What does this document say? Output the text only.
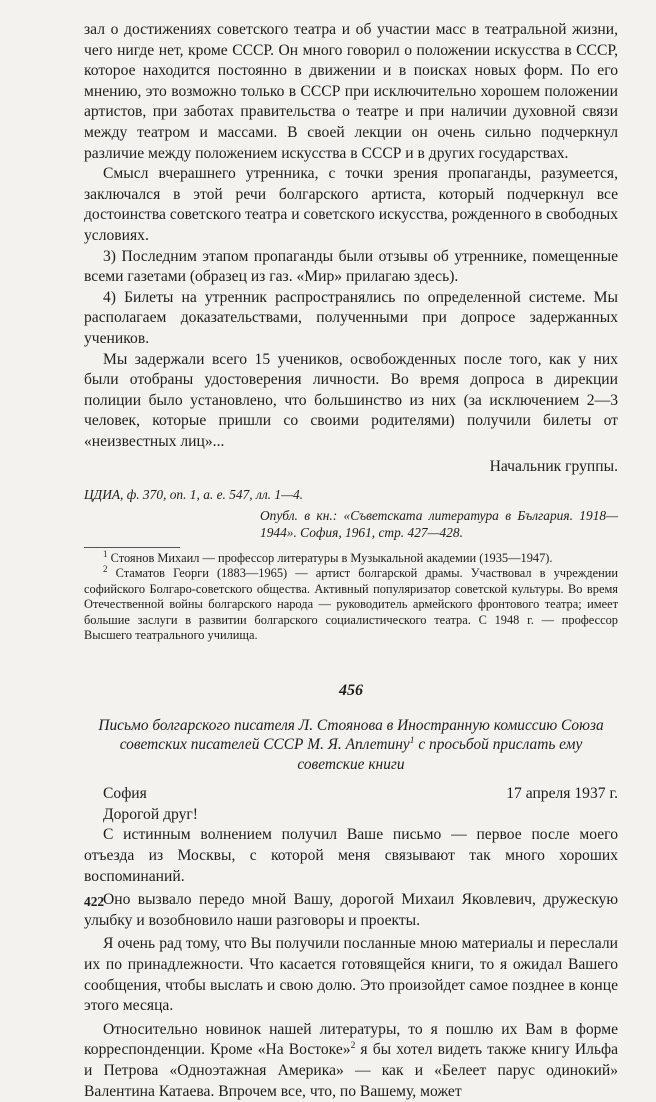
зал о достижениях советского театра и об участии масс в театральной жизни, чего нигде нет, кроме СССР. Он много говорил о положении искусства в СССР, которое находится постоянно в движении и в поисках новых форм. По его мнению, это возможно только в СССР при исключительно хорошем положении артистов, при заботах правительства о театре и при наличии духовной связи между театром и массами. В своей лекции он очень сильно подчеркнул различие между положением искусства в СССР и в других государствах.

Смысл вчерашнего утренника, с точки зрения пропаганды, разумеется, заключался в этой речи болгарского артиста, который подчеркнул все достоинства советского театра и советского искусства, рожденного в свободных условиях.

3) Последним этапом пропаганды были отзывы об утреннике, помещенные всеми газетами (образец из газ. «Мир» прилагаю здесь).

4) Билеты на утренник распространялись по определенной системе. Мы располагаем доказательствами, полученными при допросе задержанных учеников.

Мы задержали всего 15 учеников, освобожденных после того, как у них были отобраны удостоверения личности. Во время допроса в дирекции полиции было установлено, что большинство из них (за исключением 2—3 человек, которые пришли со своими родителями) получили билеты от «неизвестных лиц»...

Начальник группы.

ЦДИА, ф. 370, оп. 1, а. е. 547, лл. 1—4.

Опубл. в кн.: «Съветската литература в България. 1918—1944». София, 1961, стр. 427—428.

$^1$ Стоянов Михаил — профессор литературы в Музыкальной академии (1935—1947).

$^2$ Стаматов Георги (1883—1965) — артист болгарской драмы. Участвовал в учреждении софийского Болгаро-советского общества. Активный популяризатор советской культуры. Во время Отечественной войны болгарского народа — руководитель армейского фронтового театра; имеет большие заслуги в развитии болгарского социалистического театра. С 1948 г. — профессор Высшего театрального училища.

456

Письмо болгарского писателя Л. Стоянова в Иностранную комиссию Союза советских писателей СССР М. Я. Аплетину$^1$ с просьбой прислать ему советские книги

София	17 апреля 1937 г.

Дорогой друг!

С истинным волнением получил Ваше письмо — первое после моего отъезда из Москвы, с которой меня связывают так много хороших воспоминаний.

Оно вызвало передо мной Вашу, дорогой Михаил Яковлевич, дружескую улыбку и возобновило наши разговоры и проекты.

Я очень рад тому, что Вы получили посланные мною материалы и переслали их по принадлежности. Что касается готовящейся книги, то я ожидал Вашего сообщения, чтобы выслать и свою долю. Это произойдет самое позднее в конце этого месяца.

Относительно новинок нашей литературы, то я пошлю их Вам в форме корреспонденции. Кроме «На Востоке»$^2$ я бы хотел видеть также книгу Ильфа и Петрова «Одноэтажная Америка» — как и «Белеет парус одинокий» Валентина Катаева. Впрочем все, что, по Вашему, может

422
